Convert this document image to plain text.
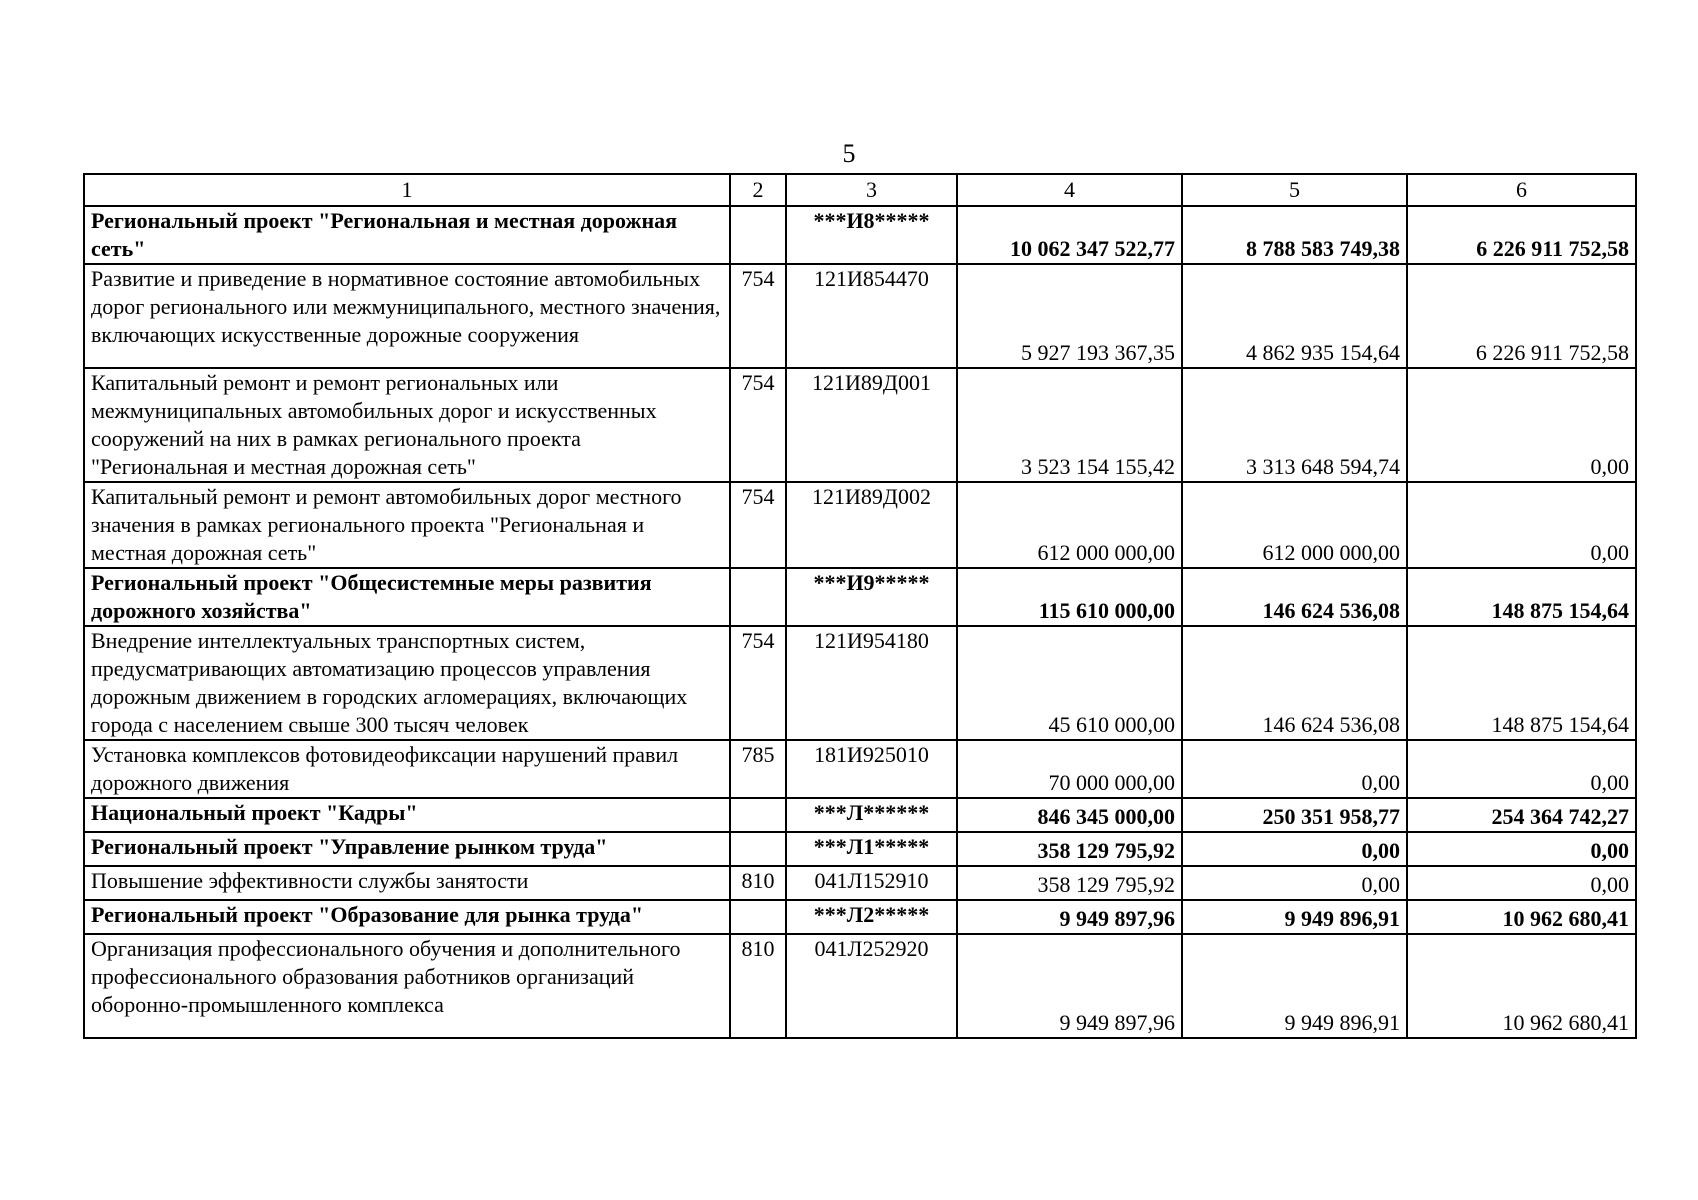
5
1	2	3	4	5	6
Региональный проект "Региональная и местная дорожная сеть"		***И8*****	10 062 347 522,77	8 788 583 749,38	6 226 911 752,58
Развитие и приведение в нормативное состояние автомобильных дорог регионального или межмуниципального, местного значения, включающих искусственные дорожные сооружения	754	121И854470	5 927 193 367,35	4 862 935 154,64	6 226 911 752,58
Капитальный ремонт и ремонт региональных или межмуниципальных автомобильных дорог и искусственных сооружений на них в рамках регионального проекта "Региональная и местная дорожная сеть"	754	121И89Д001	3 523 154 155,42	3 313 648 594,74	0,00
Капитальный ремонт и ремонт автомобильных дорог местного значения в рамках регионального проекта "Региональная и местная дорожная сеть"	754	121И89Д002	612 000 000,00	612 000 000,00	0,00
Региональный проект "Общесистемные меры развития дорожного хозяйства"		***И9*****	115 610 000,00	146 624 536,08	148 875 154,64
Внедрение интеллектуальных транспортных систем, предусматривающих автоматизацию процессов управления дорожным движением в городских агломерациях, включающих города с населением свыше 300 тысяч человек	754	121И954180	45 610 000,00	146 624 536,08	148 875 154,64
Установка комплексов фотовидеофиксации нарушений правил дорожного движения	785	181И925010	70 000 000,00	0,00	0,00
Национальный проект "Кадры"		***Л******	846 345 000,00	250 351 958,77	254 364 742,27
Региональный проект "Управление рынком труда"		***Л1*****	358 129 795,92	0,00	0,00
Повышение эффективности службы занятости	810	041Л152910	358 129 795,92	0,00	0,00
Региональный проект "Образование для рынка труда"		***Л2*****	9 949 897,96	9 949 896,91	10 962 680,41
Организация профессионального обучения и дополнительного профессионального образования работников организаций оборонно-промышленного комплекса	810	041Л252920	9 949 897,96	9 949 896,91	10 962 680,41
